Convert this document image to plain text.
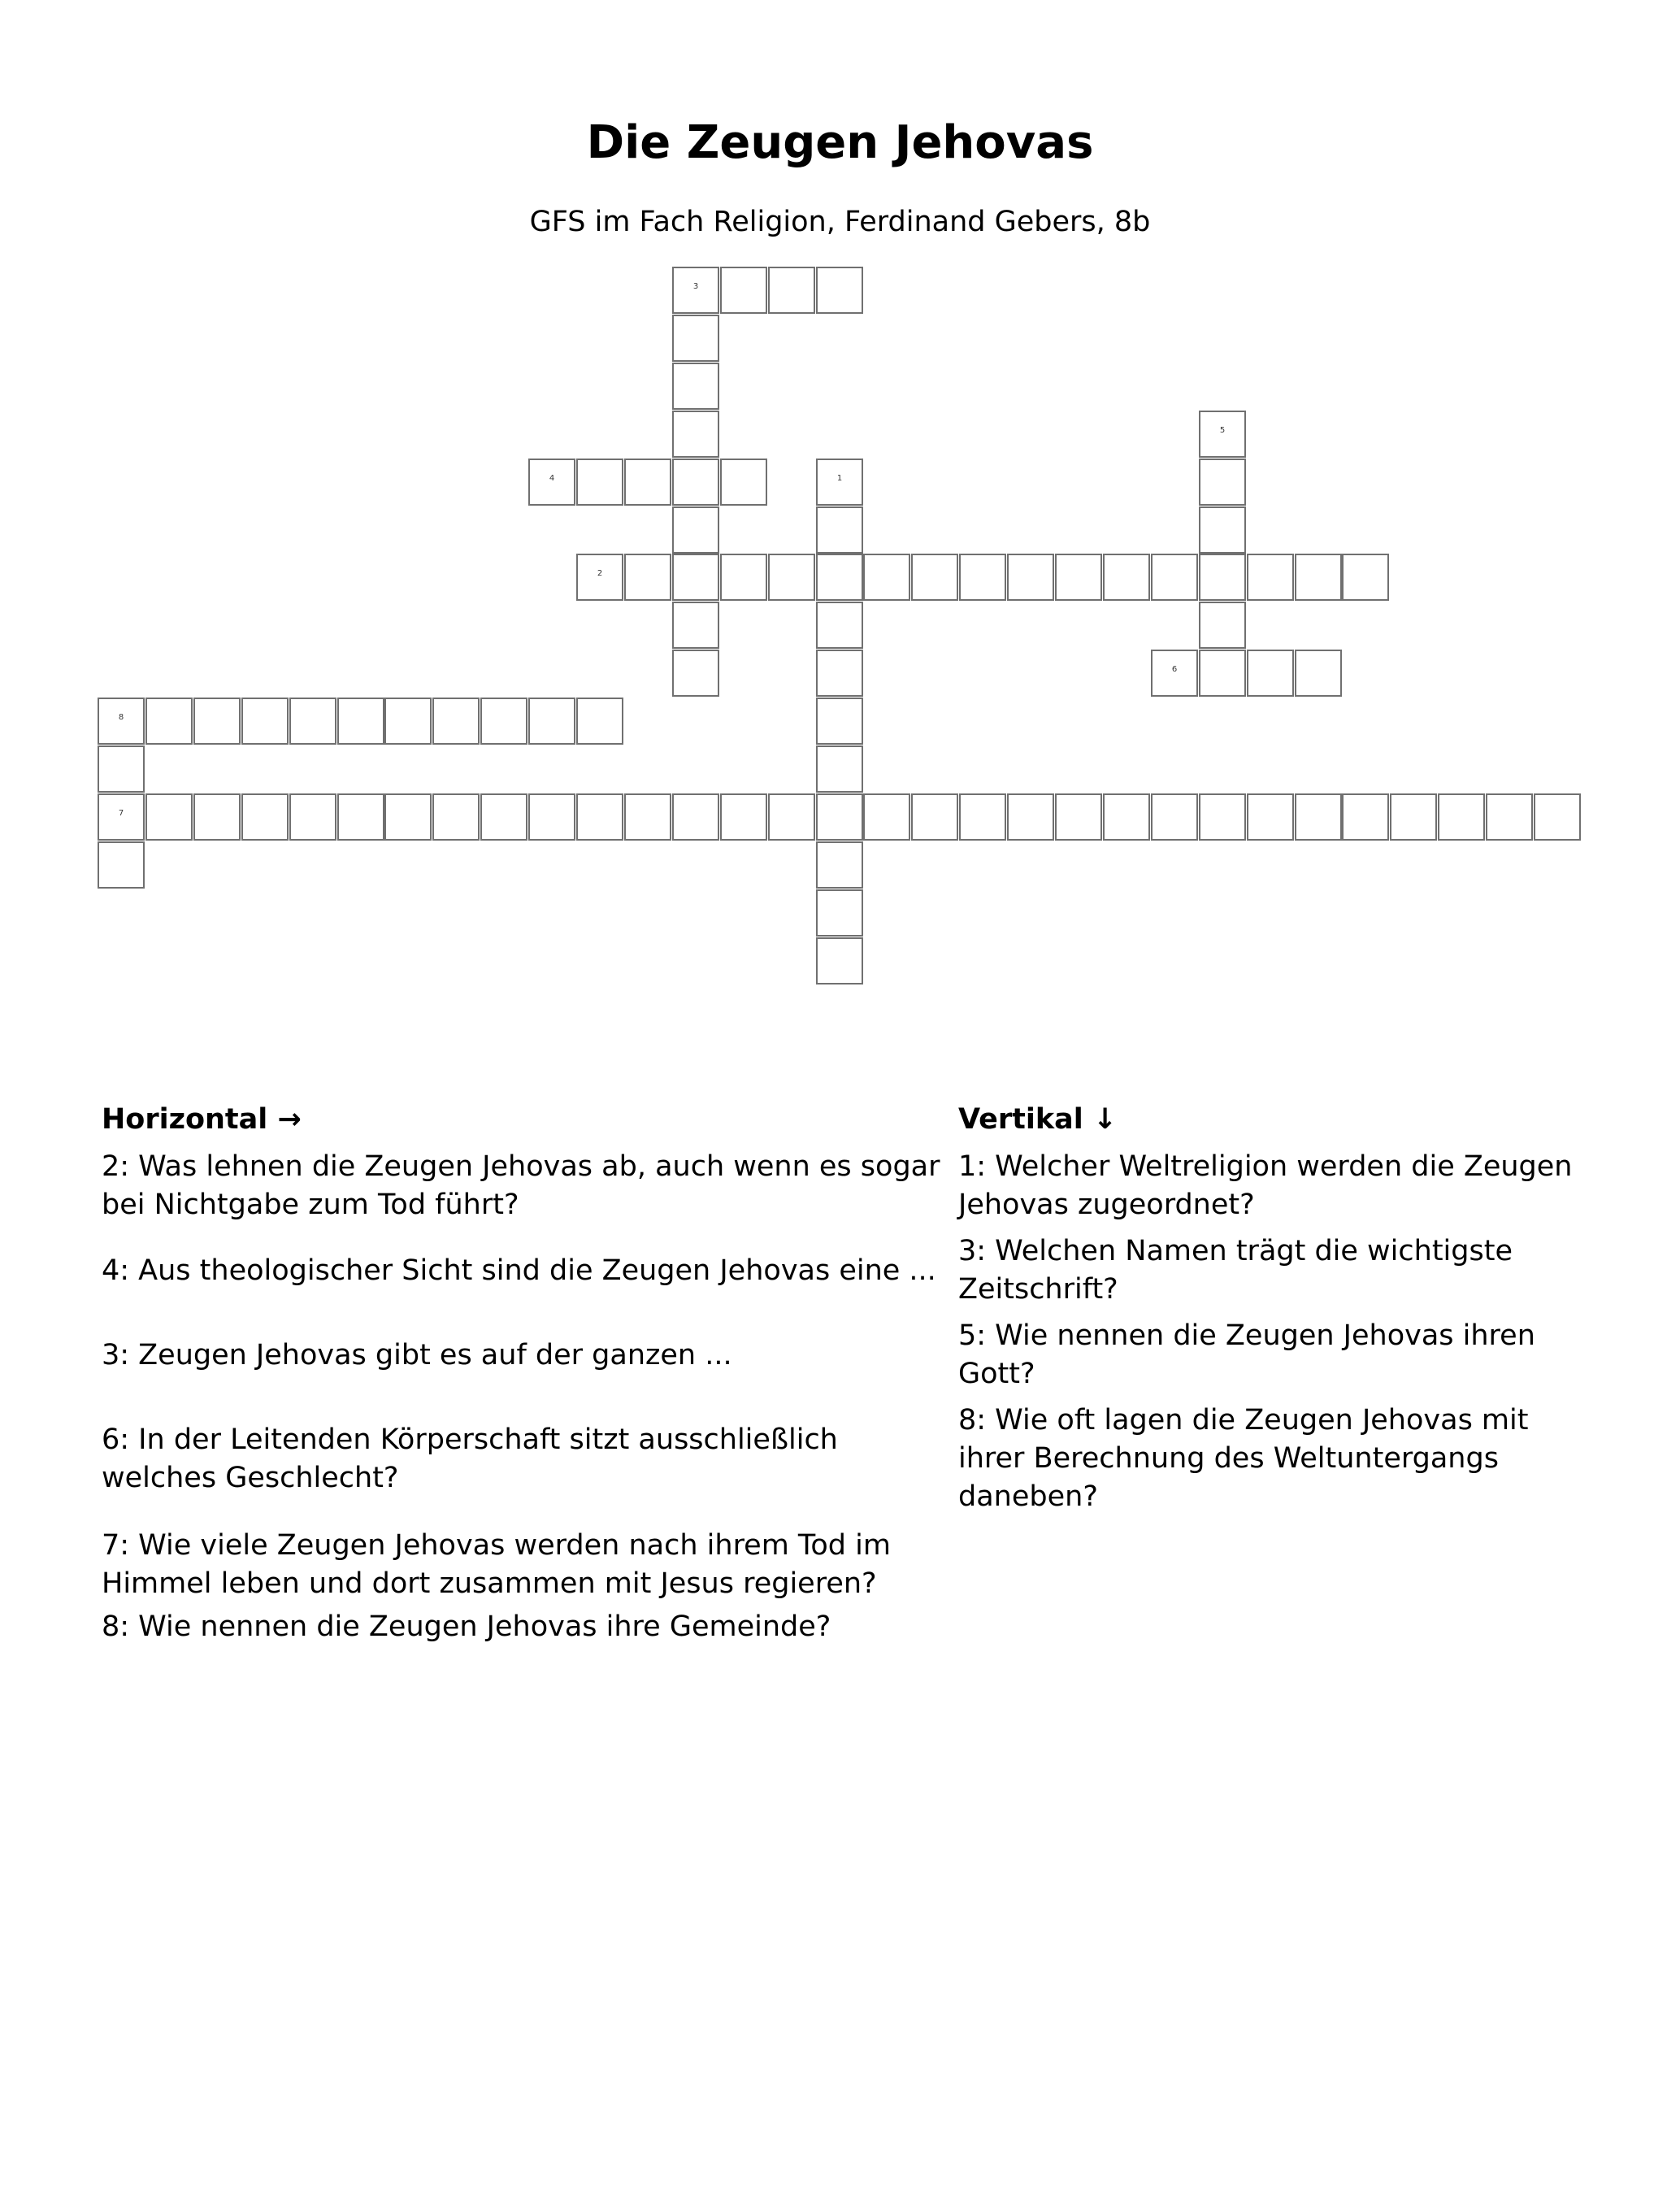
Die Zeugen Jehovas
GFS im Fach Religion, Ferdinand Gebers, 8b
1
2
3
4
5
6
7
8
Horizontal →

2: Was lehnen die Zeugen Jehovas ab, auch wenn es sogar bei Nichtgabe zum Tod führt?

4: Aus theologischer Sicht sind die Zeugen Jehovas eine ...

3: Zeugen Jehovas gibt es auf der ganzen ...

6: In der Leitenden Körperschaft sitzt ausschließlich welches Geschlecht?

7: Wie viele Zeugen Jehovas werden nach ihrem Tod im Himmel leben und dort zusammen mit Jesus regieren?

8: Wie nennen die Zeugen Jehovas ihre Gemeinde?

Vertikal ↓

1: Welcher Weltreligion werden die Zeugen Jehovas zugeordnet?

3: Welchen Namen trägt die wichtigste Zeitschrift?

5: Wie nennen die Zeugen Jehovas ihren Gott?

8: Wie oft lagen die Zeugen Jehovas mit ihrer Berechnung des Weltuntergangs daneben?
